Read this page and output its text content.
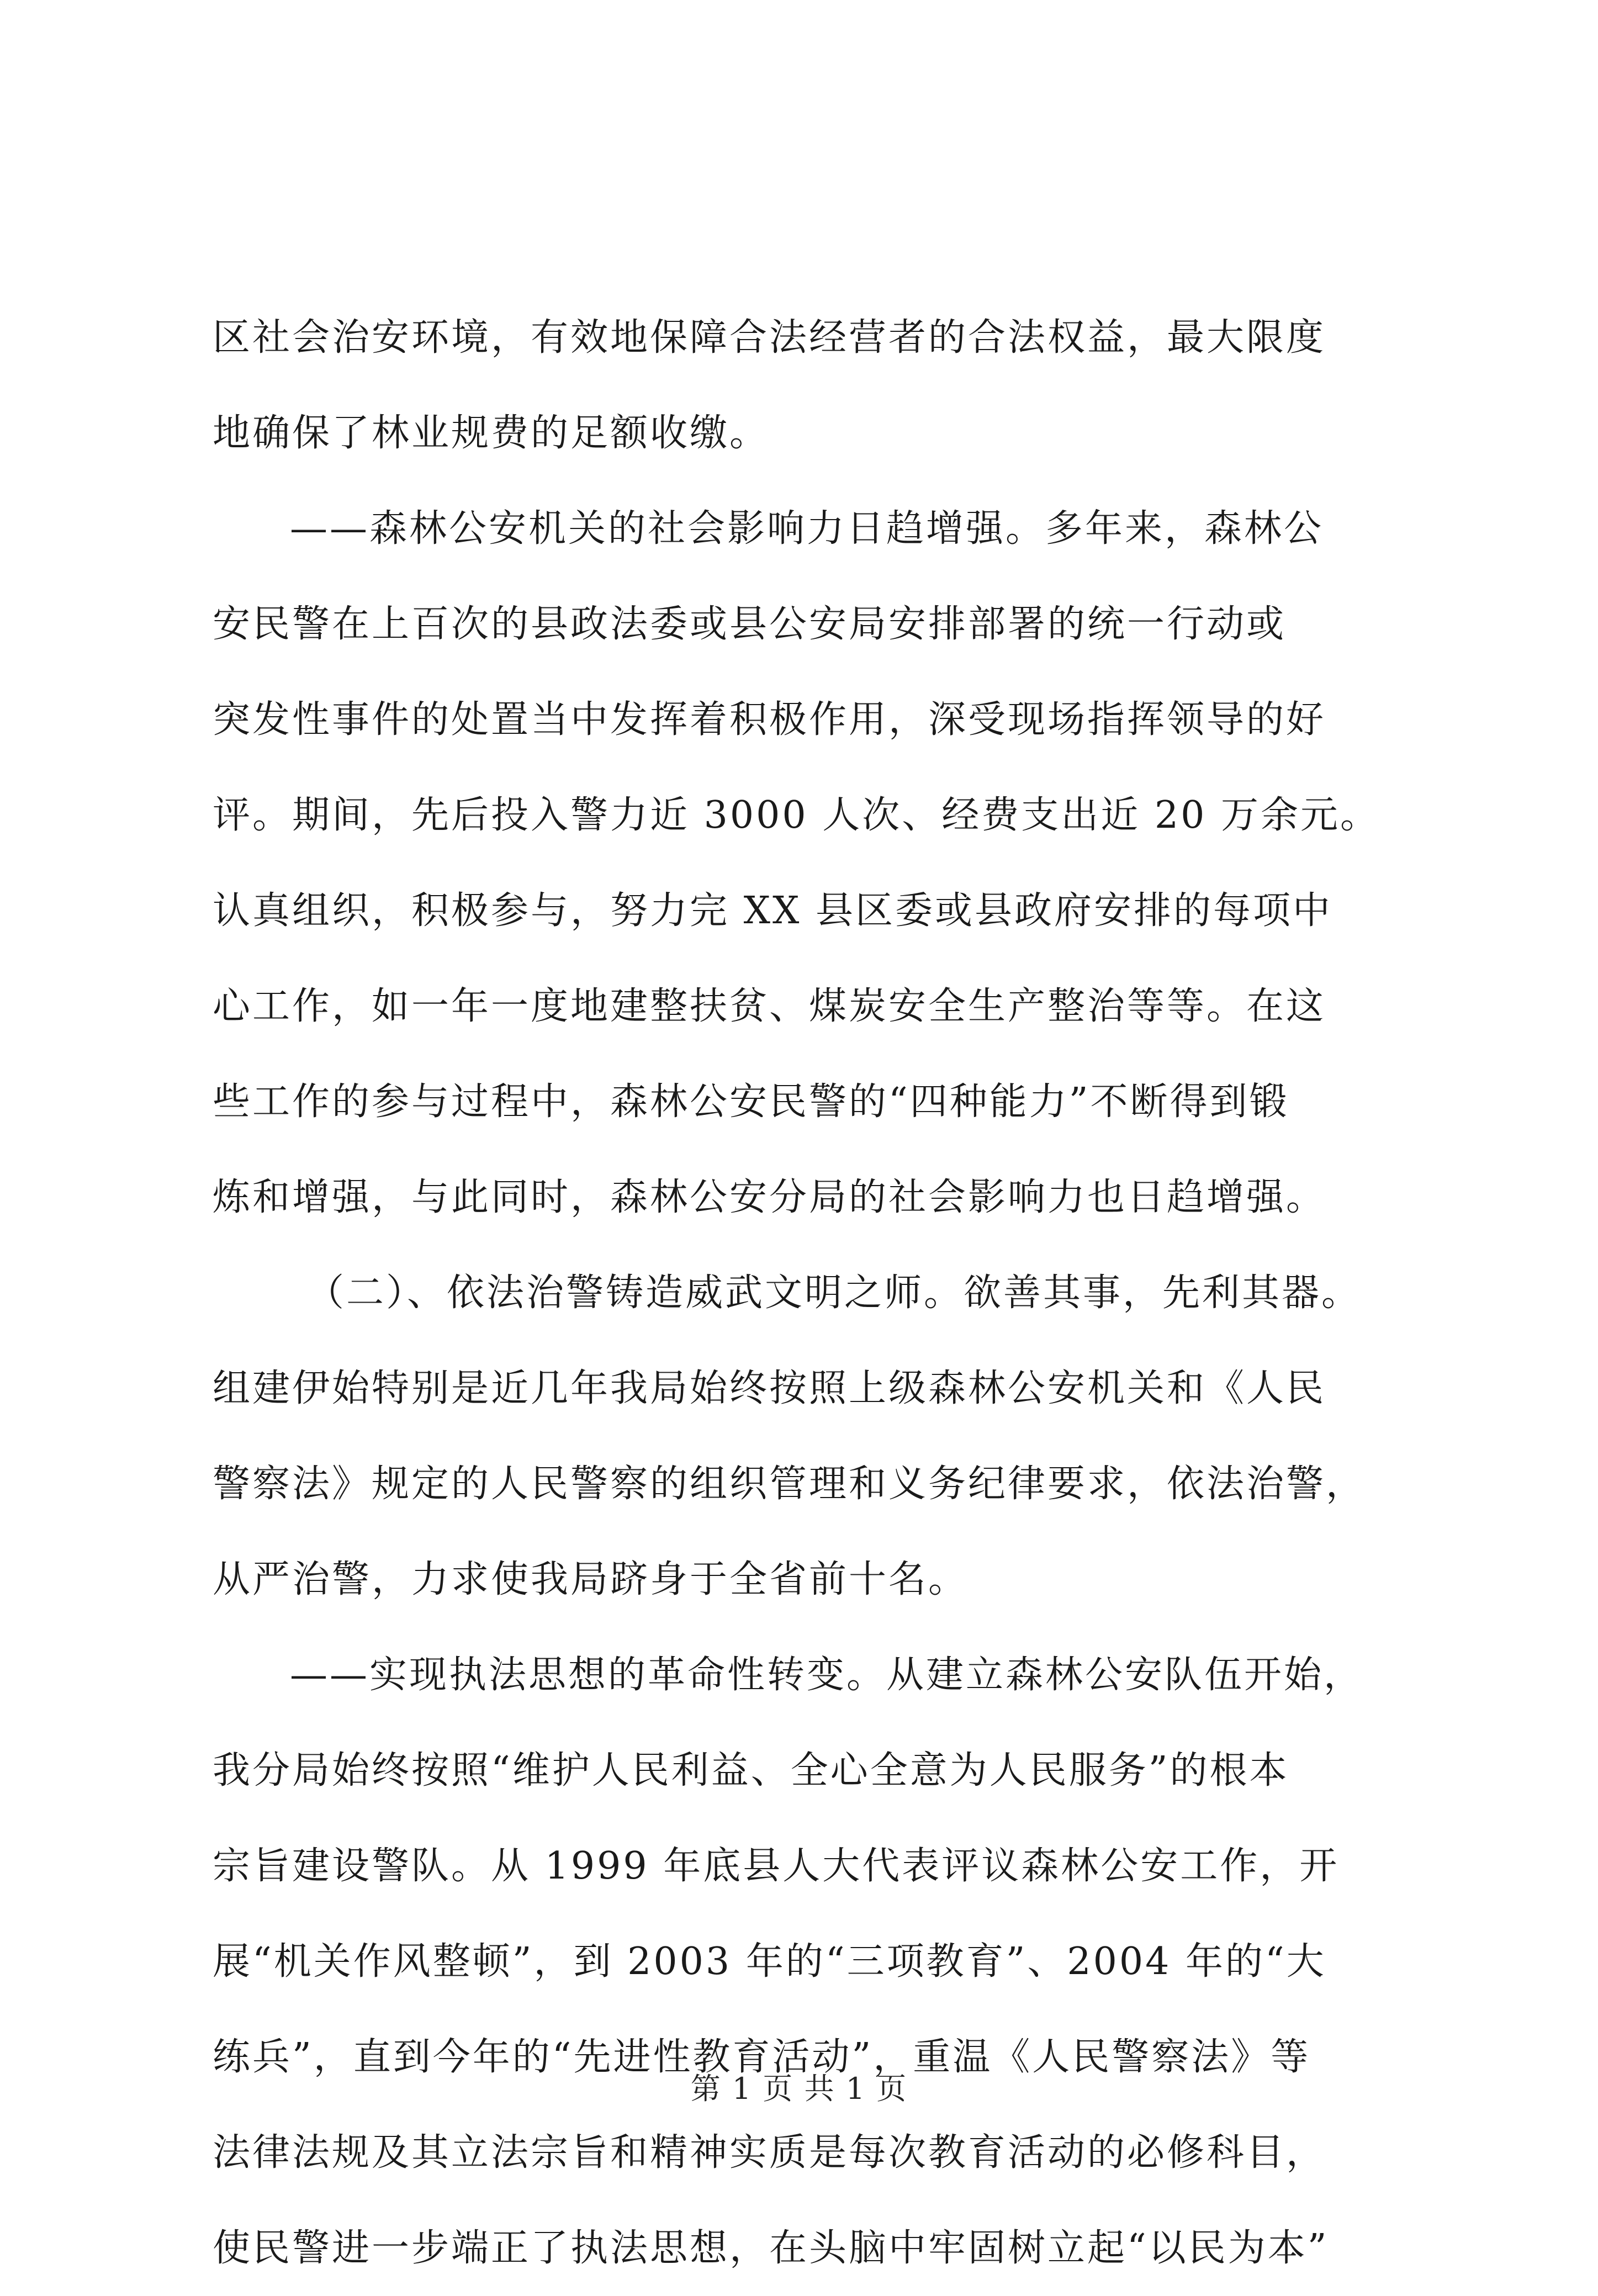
区社会治安环境，有效地保障合法经营者的合法权益，最大限度
地确保了林业规费的足额收缴。
——森林公安机关的社会影响力日趋增强。多年来，森林公
安民警在上百次的县政法委或县公安局安排部署的统一行动或
突发性事件的处置当中发挥着积极作用，深受现场指挥领导的好
评。期间，先后投入警力近 3000 人次、经费支出近 20 万余元。
认真组织，积极参与，努力完 XX 县区委或县政府安排的每项中
心工作，如一年一度地建整扶贫、煤炭安全生产整治等等。在这
些工作的参与过程中，森林公安民警的“四种能力”不断得到锻
炼和增强，与此同时，森林公安分局的社会影响力也日趋增强。
（二）、依法治警铸造威武文明之师。欲善其事，先利其器。
组建伊始特别是近几年我局始终按照上级森林公安机关和《人民
警察法》规定的人民警察的组织管理和义务纪律要求，依法治警，
从严治警，力求使我局跻身于全省前十名。
——实现执法思想的革命性转变。从建立森林公安队伍开始，
我分局始终按照“维护人民利益、全心全意为人民服务”的根本
宗旨建设警队。从 1999 年底县人大代表评议森林公安工作，开
展“机关作风整顿”，到 2003 年的“三项教育”、2004 年的“大
练兵”，直到今年的“先进性教育活动”，重温《人民警察法》等
法律法规及其立法宗旨和精神实质是每次教育活动的必修科目，
使民警进一步端正了执法思想，在头脑中牢固树立起“以民为本”
第 1 页 共 1 页
